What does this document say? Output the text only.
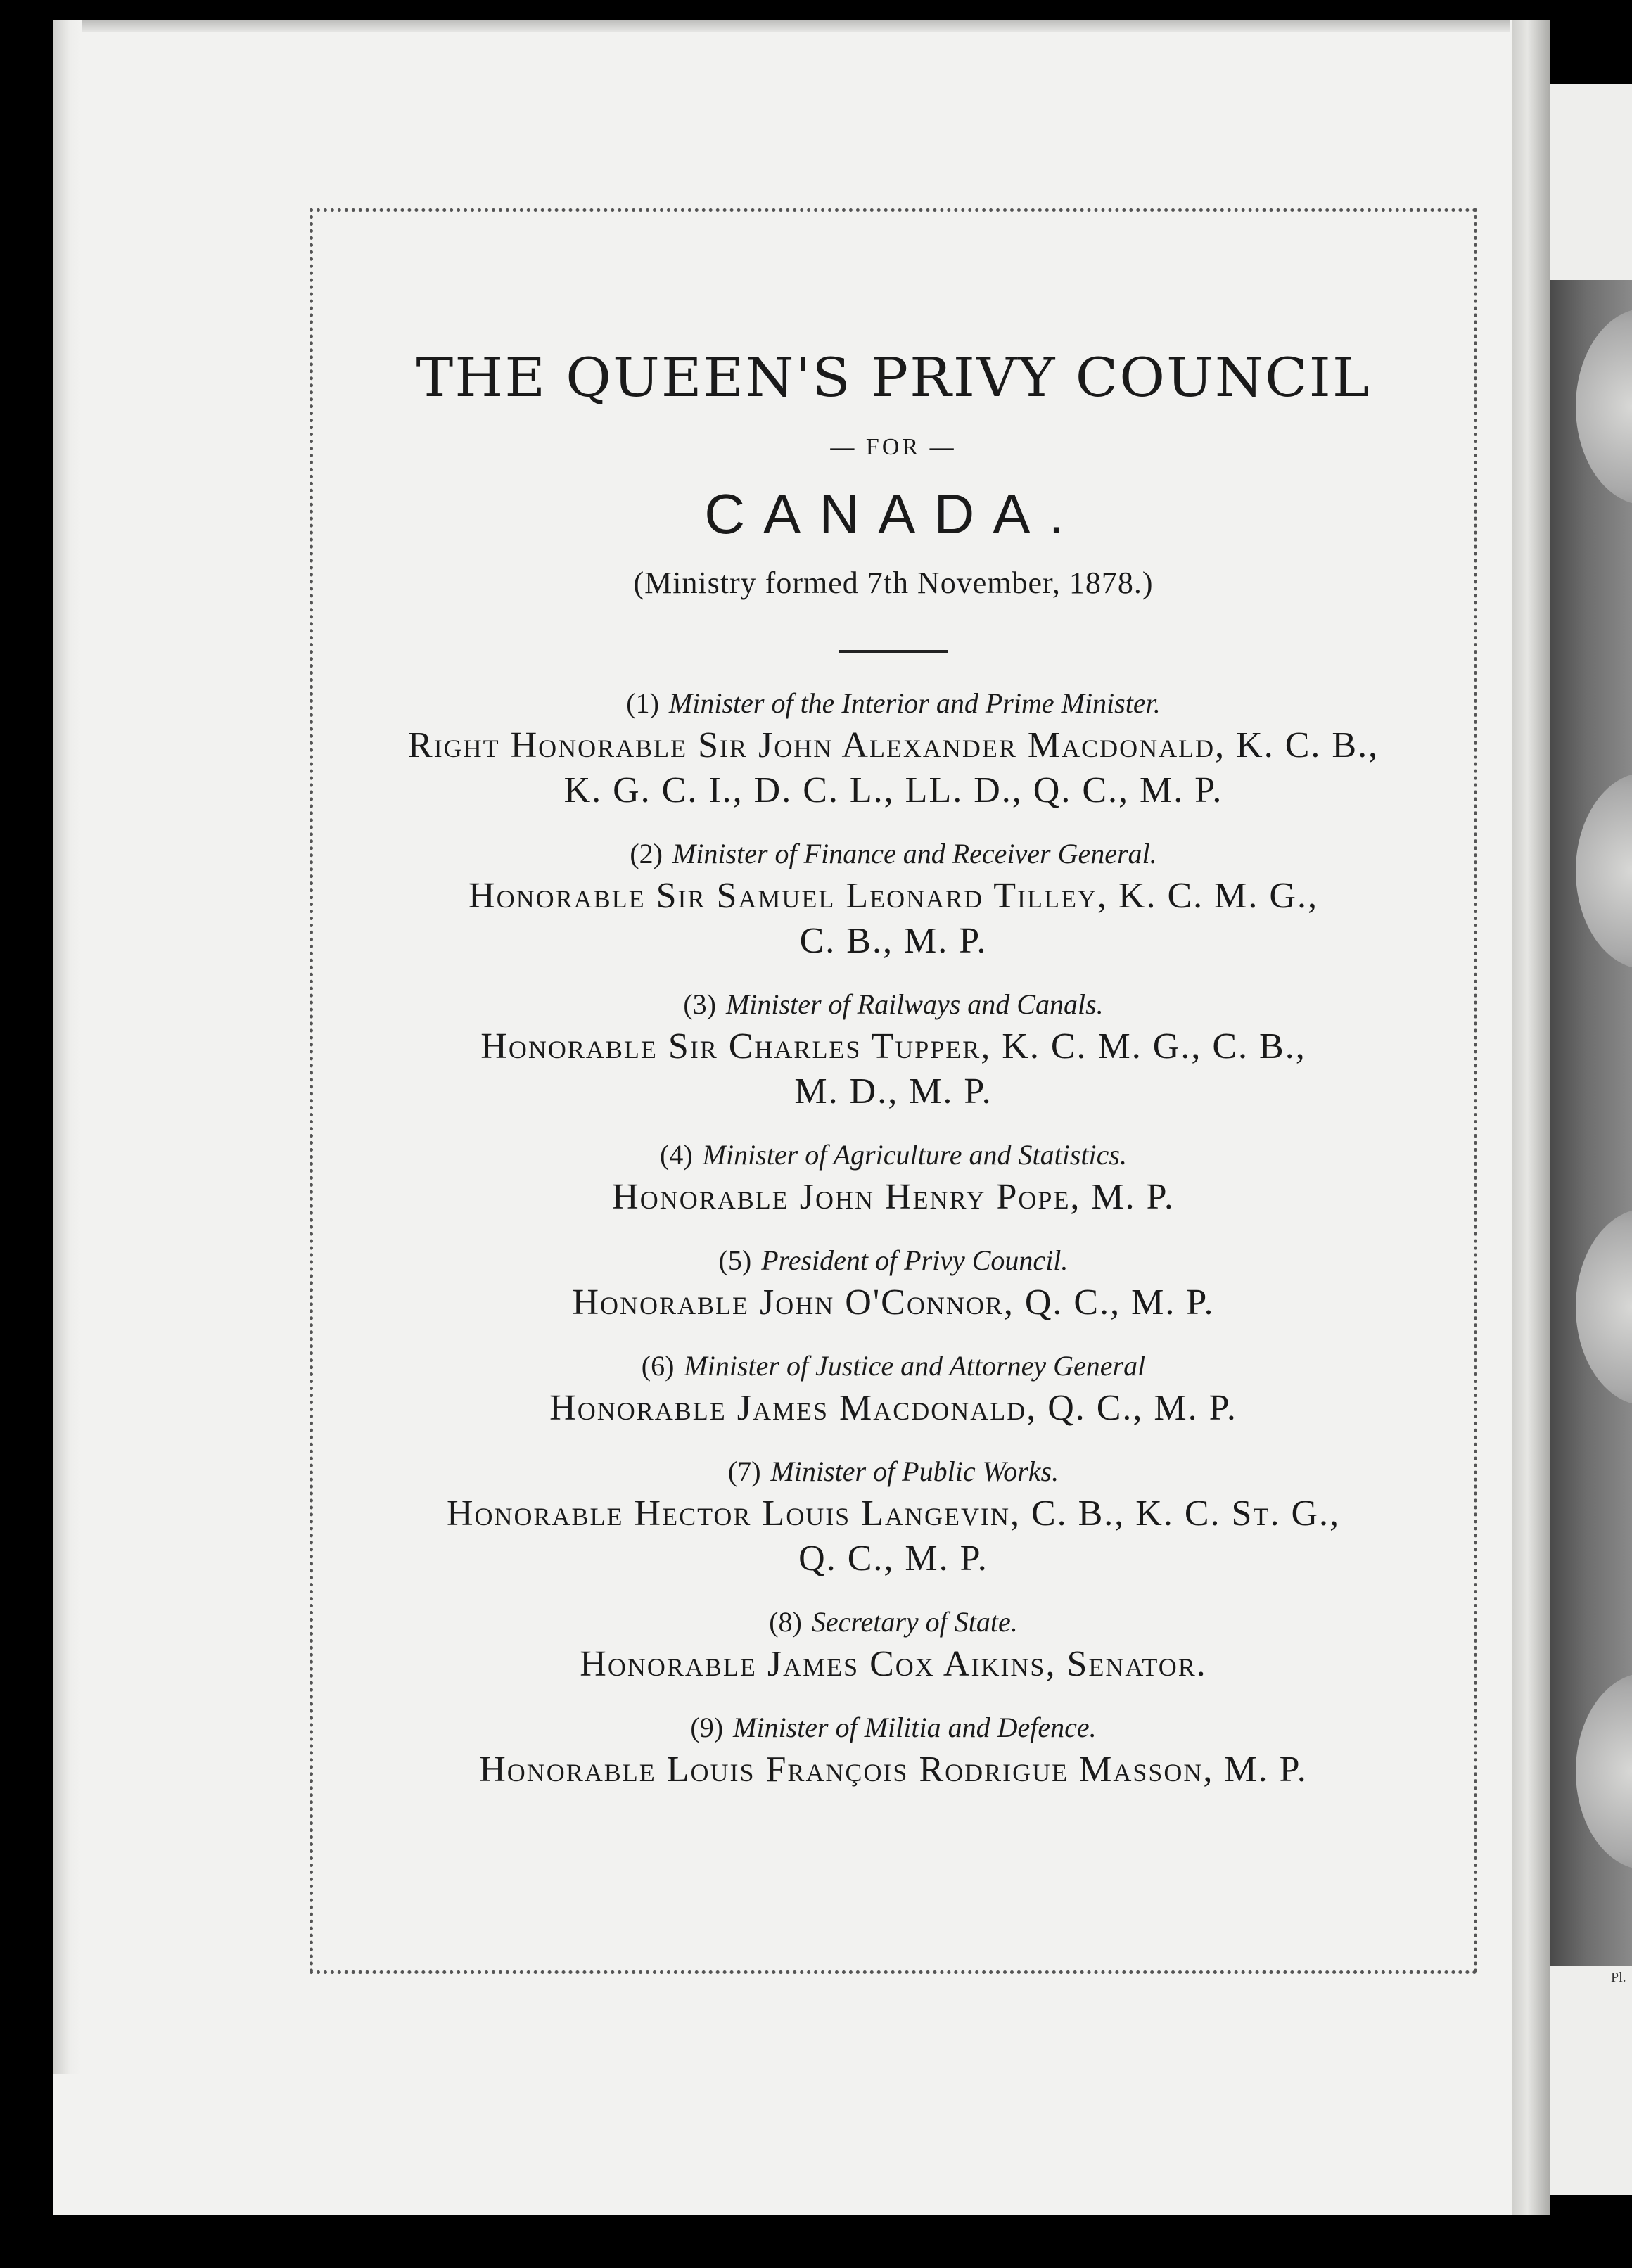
Pl.
THE QUEEN'S PRIVY COUNCIL
— FOR —
CANADA.
(Ministry formed 7th November, 1878.)
(1) Minister of the Interior and Prime Minister.
Right Honorable Sir John Alexander Macdonald, K. C. B.,
K. G. C. I., D. C. L., LL. D., Q. C., M. P.
(2) Minister of Finance and Receiver General.
Honorable Sir Samuel Leonard Tilley, K. C. M. G.,
C. B., M. P.
(3) Minister of Railways and Canals.
Honorable Sir Charles Tupper, K. C. M. G., C. B.,
M. D., M. P.
(4) Minister of Agriculture and Statistics.
Honorable John Henry Pope, M. P.
(5) President of Privy Council.
Honorable John O'Connor, Q. C., M. P.
(6) Minister of Justice and Attorney General
Honorable James Macdonald, Q. C., M. P.
(7) Minister of Public Works.
Honorable Hector Louis Langevin, C. B., K. C. St. G.,
Q. C., M. P.
(8) Secretary of State.
Honorable James Cox Aikins, Senator.
(9) Minister of Militia and Defence.
Honorable Louis François Rodrigue Masson, M. P.
